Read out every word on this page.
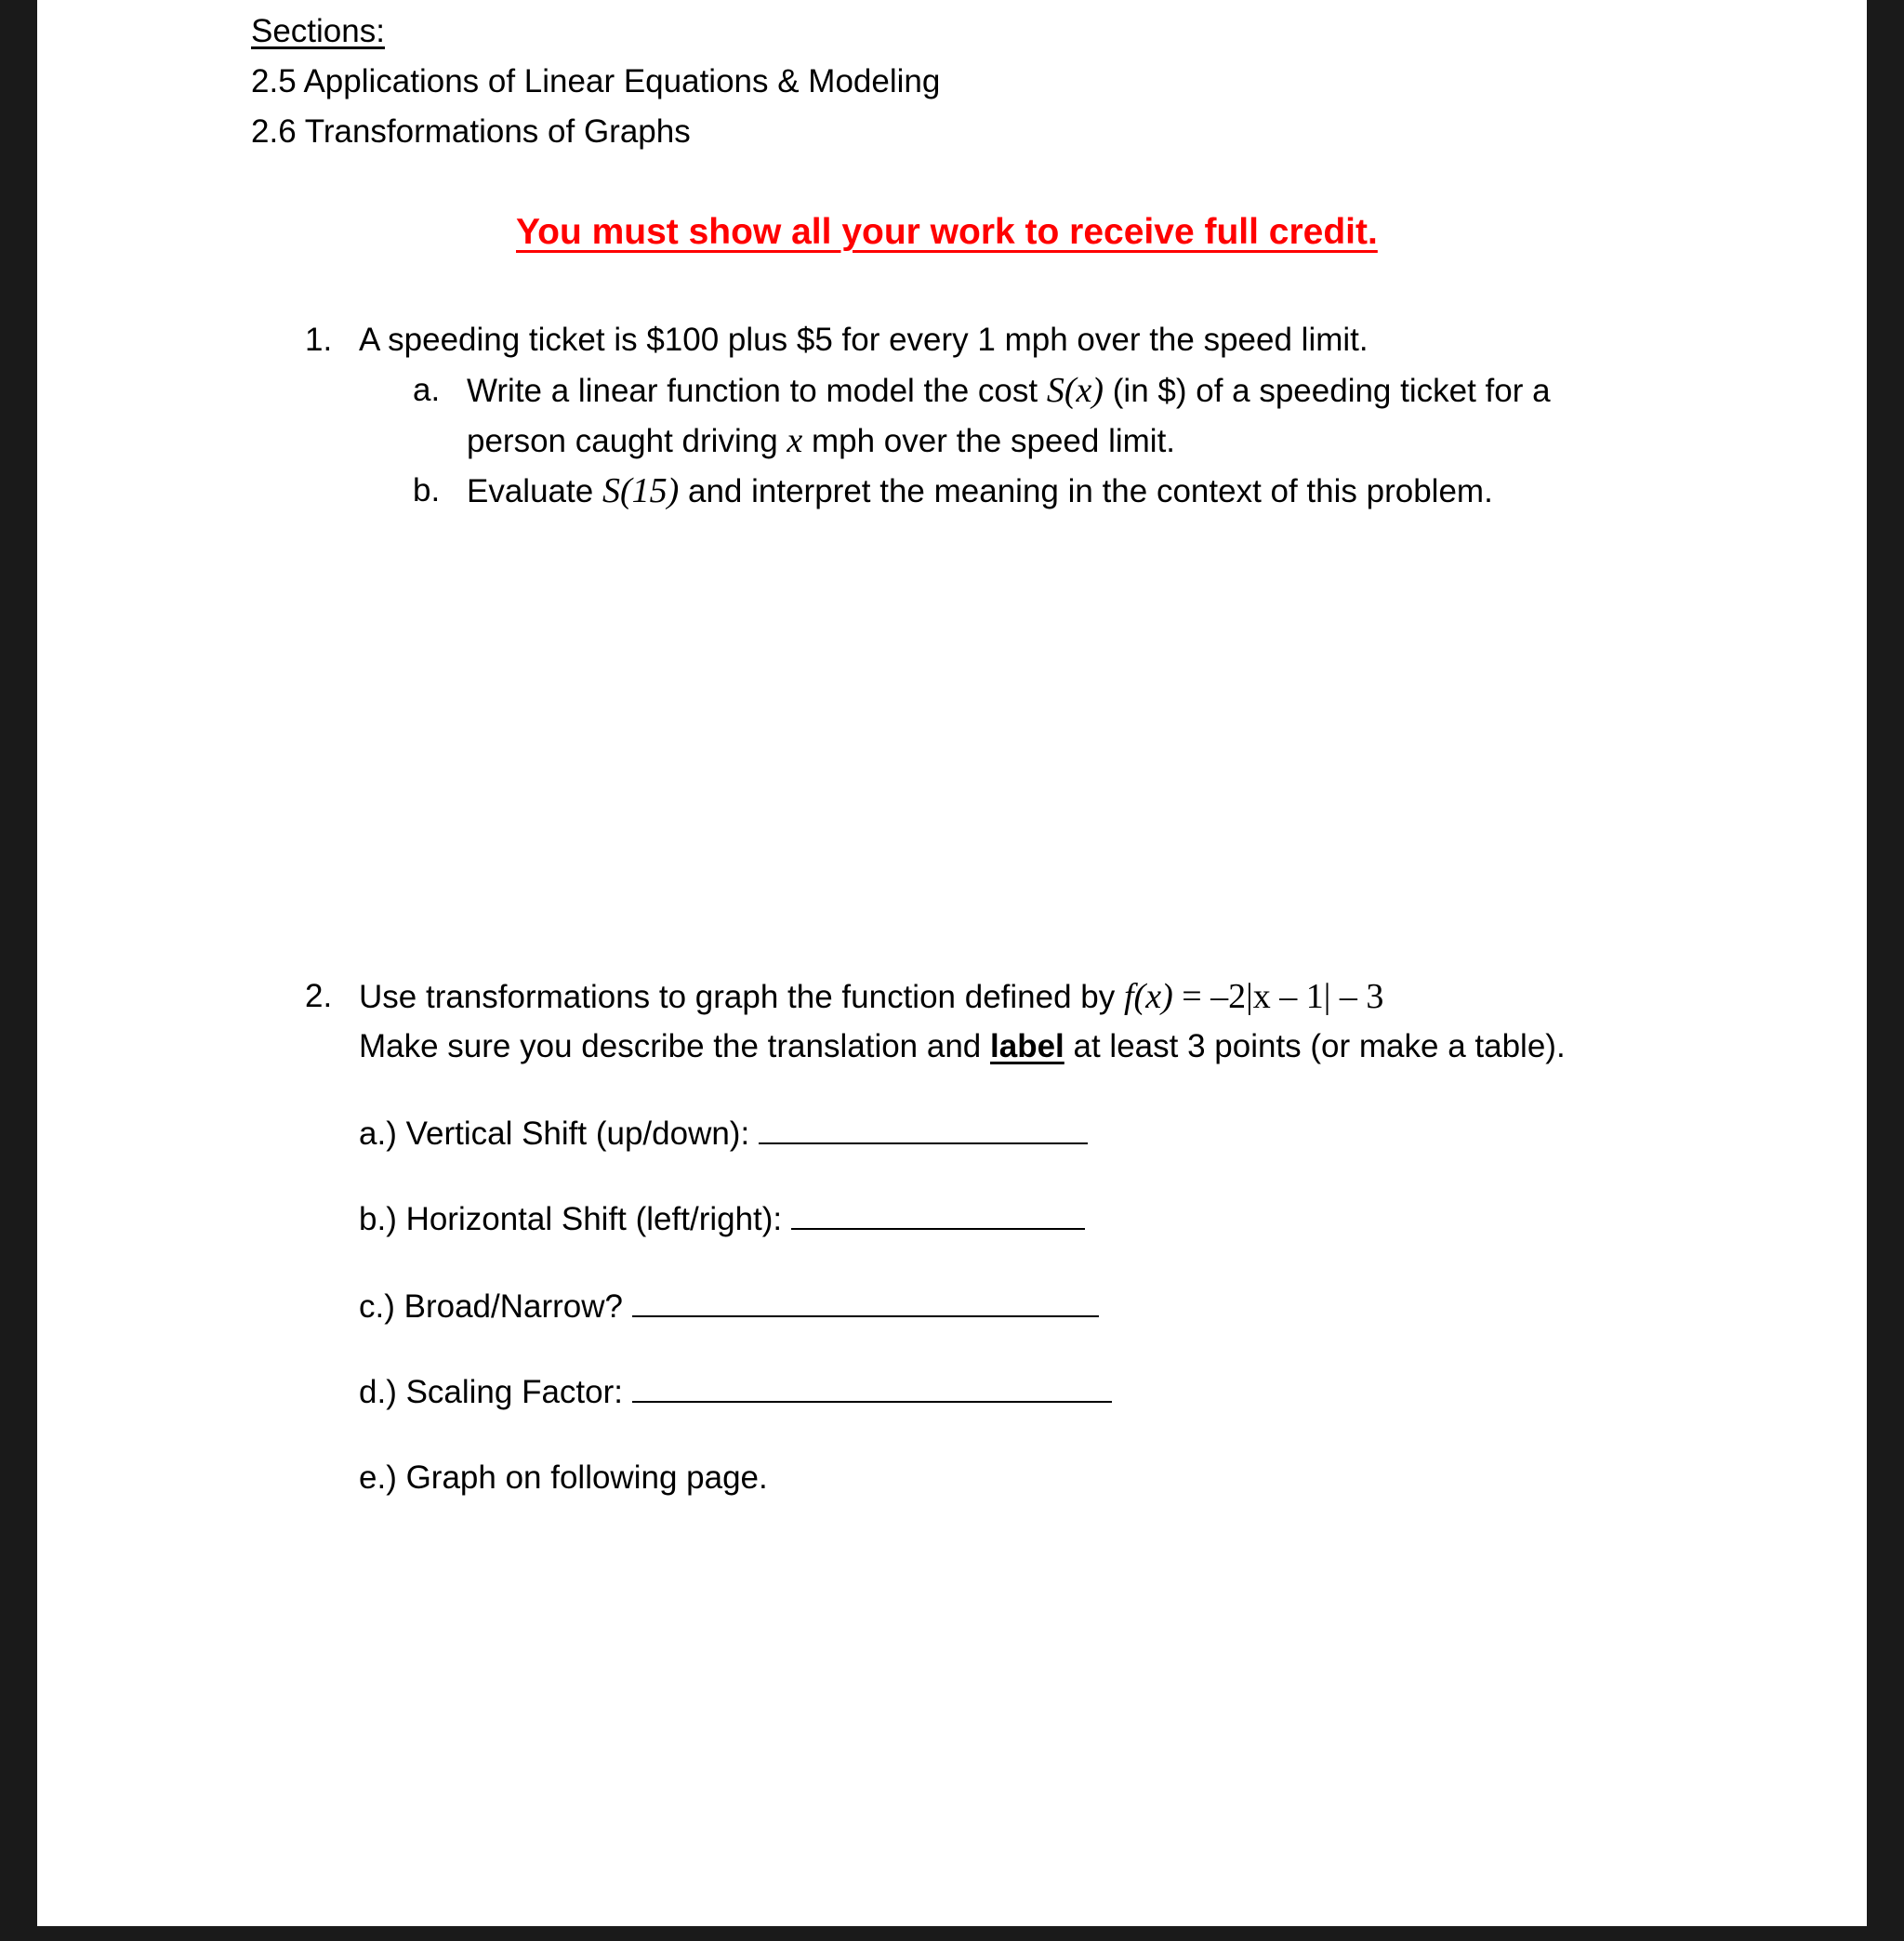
Sections:
2.5 Applications of Linear Equations & Modeling
2.6 Transformations of Graphs
You must show all your work to receive full credit.
1. A speeding ticket is $100 plus $5 for every 1 mph over the speed limit.
a. Write a linear function to model the cost S(x) (in $) of a speeding ticket for a
person caught driving x mph over the speed limit.
b. Evaluate S(15) and interpret the meaning in the context of this problem.
2. Use transformations to graph the function defined by f(x) = –2|x – 1| – 3
Make sure you describe the translation and label at least 3 points (or make a table).
a.) Vertical Shift (up/down):
b.) Horizontal Shift (left/right):
c.) Broad/Narrow?
d.) Scaling Factor:
e.) Graph on following page.
